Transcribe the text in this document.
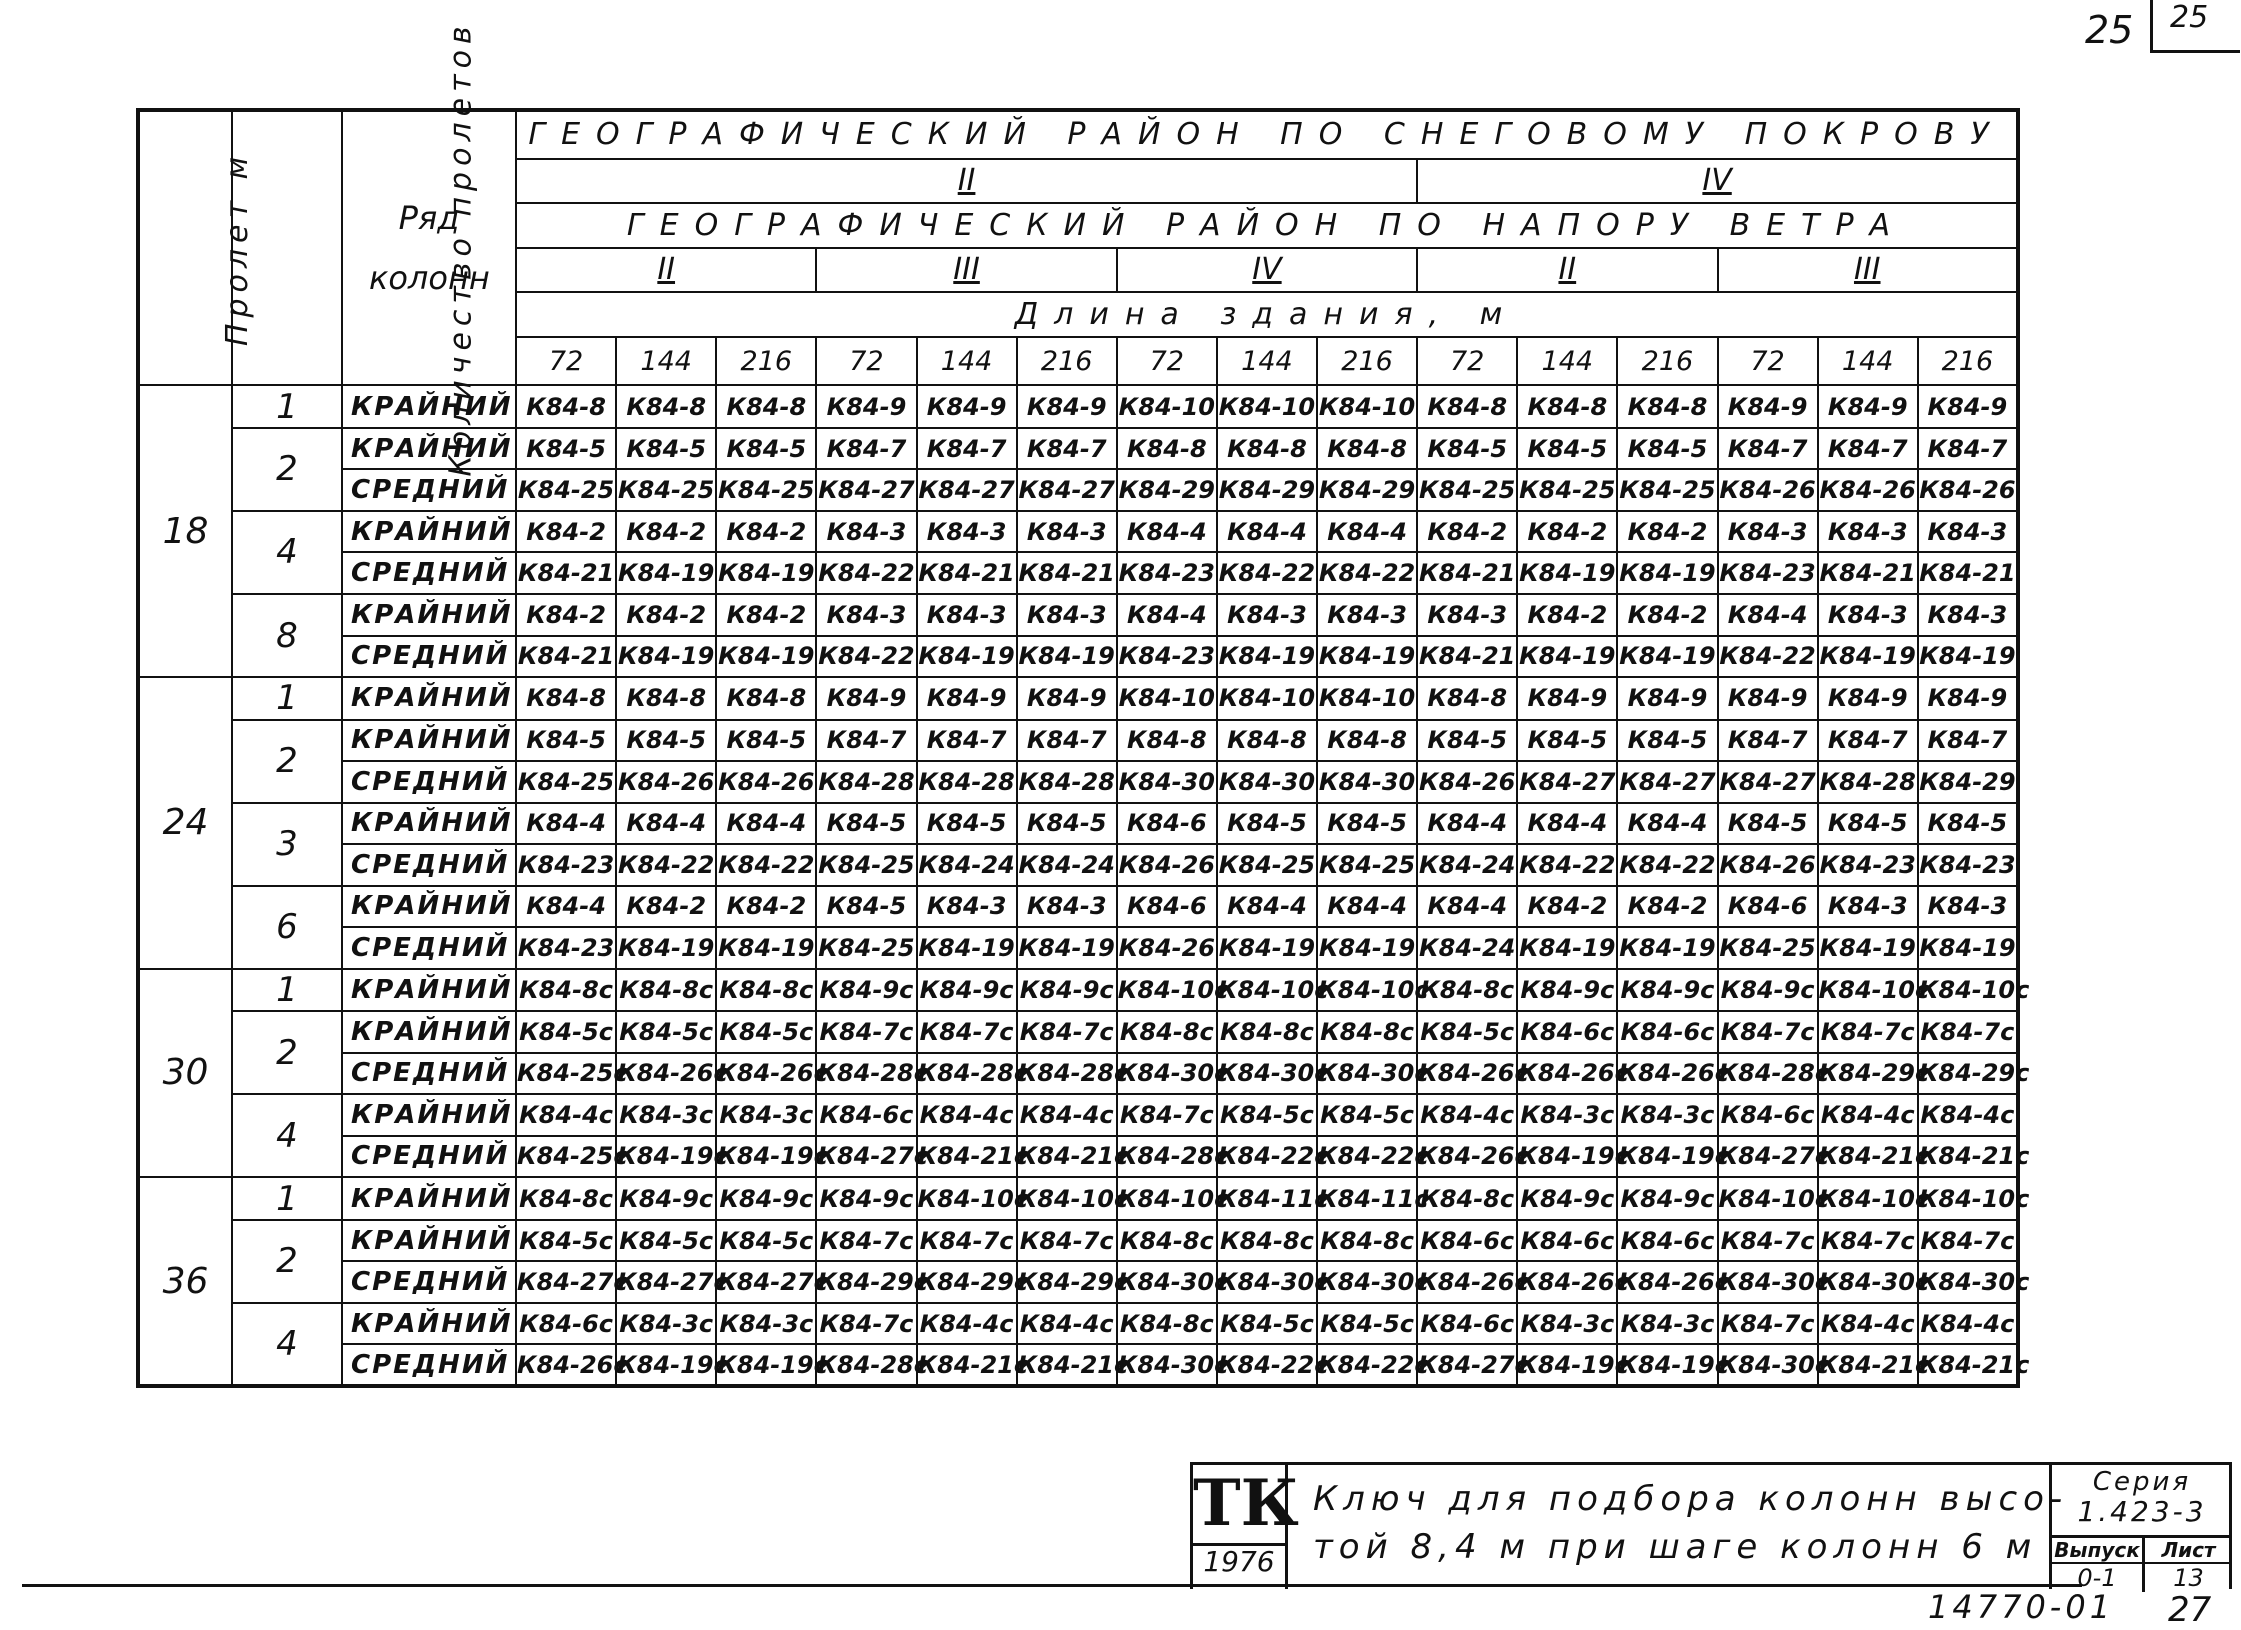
25 25
Пролет м	Количество пролетов	Ряд колонн	ГЕОГРАФИЧЕСКИЙ РАЙОН ПО СНЕГОВОМУ ПОКРОВУ														
			II									IV					
			ГЕОГРАФИЧЕСКИЙ РАЙОН ПО НАПОРУ ВЕТРА														
			II			III			IV			II			III		
			Длина здания, м														
			72	144	216	72	144	216	72	144	216	72	144	216	72	144	216
18	1	КРАЙНИЙ	К84-8	К84-8	К84-8	К84-9	К84-9	К84-9	К84-10	К84-10	К84-10	К84-8	К84-8	К84-8	К84-9	К84-9	К84-9
	2	КРАЙНИЙ	К84-5	К84-5	К84-5	К84-7	К84-7	К84-7	К84-8	К84-8	К84-8	К84-5	К84-5	К84-5	К84-7	К84-7	К84-7
		СРЕДНИЙ	К84-25	К84-25	К84-25	К84-27	К84-27	К84-27	К84-29	К84-29	К84-29	К84-25	К84-25	К84-25	К84-26	К84-26	К84-26
	4	КРАЙНИЙ	К84-2	К84-2	К84-2	К84-3	К84-3	К84-3	К84-4	К84-4	К84-4	К84-2	К84-2	К84-2	К84-3	К84-3	К84-3
		СРЕДНИЙ	К84-21	К84-19	К84-19	К84-22	К84-21	К84-21	К84-23	К84-22	К84-22	К84-21	К84-19	К84-19	К84-23	К84-21	К84-21
	8	КРАЙНИЙ	К84-2	К84-2	К84-2	К84-3	К84-3	К84-3	К84-4	К84-3	К84-3	К84-3	К84-2	К84-2	К84-4	К84-3	К84-3
		СРЕДНИЙ	К84-21	К84-19	К84-19	К84-22	К84-19	К84-19	К84-23	К84-19	К84-19	К84-21	К84-19	К84-19	К84-22	К84-19	К84-19
24	1	КРАЙНИЙ	К84-8	К84-8	К84-8	К84-9	К84-9	К84-9	К84-10	К84-10	К84-10	К84-8	К84-9	К84-9	К84-9	К84-9	К84-9
	2	КРАЙНИЙ	К84-5	К84-5	К84-5	К84-7	К84-7	К84-7	К84-8	К84-8	К84-8	К84-5	К84-5	К84-5	К84-7	К84-7	К84-7
		СРЕДНИЙ	К84-25	К84-26	К84-26	К84-28	К84-28	К84-28	К84-30	К84-30	К84-30	К84-26	К84-27	К84-27	К84-27	К84-28	К84-29
	3	КРАЙНИЙ	К84-4	К84-4	К84-4	К84-5	К84-5	К84-5	К84-6	К84-5	К84-5	К84-4	К84-4	К84-4	К84-5	К84-5	К84-5
		СРЕДНИЙ	К84-23	К84-22	К84-22	К84-25	К84-24	К84-24	К84-26	К84-25	К84-25	К84-24	К84-22	К84-22	К84-26	К84-23	К84-23
	6	КРАЙНИЙ	К84-4	К84-2	К84-2	К84-5	К84-3	К84-3	К84-6	К84-4	К84-4	К84-4	К84-2	К84-2	К84-6	К84-3	К84-3
		СРЕДНИЙ	К84-23	К84-19	К84-19	К84-25	К84-19	К84-19	К84-26	К84-19	К84-19	К84-24	К84-19	К84-19	К84-25	К84-19	К84-19
30	1	КРАЙНИЙ	К84-8с	К84-8с	К84-8с	К84-9с	К84-9с	К84-9с	К84-10с	К84-10с	К84-10с	К84-8с	К84-9с	К84-9с	К84-9с	К84-10с	К84-10с
	2	КРАЙНИЙ	К84-5с	К84-5с	К84-5с	К84-7с	К84-7с	К84-7с	К84-8с	К84-8с	К84-8с	К84-5с	К84-6с	К84-6с	К84-7с	К84-7с	К84-7с
		СРЕДНИЙ	К84-25с	К84-26с	К84-26с	К84-28с	К84-28с	К84-28с	К84-30с	К84-30с	К84-30с	К84-26с	К84-26с	К84-26с	К84-28с	К84-29с	К84-29с
	4	КРАЙНИЙ	К84-4с	К84-3с	К84-3с	К84-6с	К84-4с	К84-4с	К84-7с	К84-5с	К84-5с	К84-4с	К84-3с	К84-3с	К84-6с	К84-4с	К84-4с
		СРЕДНИЙ	К84-25с	К84-19с	К84-19с	К84-27с	К84-21с	К84-21с	К84-28с	К84-22с	К84-22с	К84-26с	К84-19с	К84-19с	К84-27с	К84-21с	К84-21с
36	1	КРАЙНИЙ	К84-8с	К84-9с	К84-9с	К84-9с	К84-10с	К84-10с	К84-10с	К84-11с	К84-11с	К84-8с	К84-9с	К84-9с	К84-10с	К84-10с	К84-10с
	2	КРАЙНИЙ	К84-5с	К84-5с	К84-5с	К84-7с	К84-7с	К84-7с	К84-8с	К84-8с	К84-8с	К84-6с	К84-6с	К84-6с	К84-7с	К84-7с	К84-7с
		СРЕДНИЙ	К84-27с	К84-27с	К84-27с	К84-29с	К84-29с	К84-29с	К84-30с	К84-30с	К84-30с	К84-26с	К84-26с	К84-26с	К84-30с	К84-30с	К84-30с
	4	КРАЙНИЙ	К84-6с	К84-3с	К84-3с	К84-7с	К84-4с	К84-4с	К84-8с	К84-5с	К84-5с	К84-6с	К84-3с	К84-3с	К84-7с	К84-4с	К84-4с
		СРЕДНИЙ	К84-26с	К84-19с	К84-19с	К84-28с	К84-21с	К84-21с	К84-30с	К84-22с	К84-22с	К84-27с	К84-19с	К84-19с	К84-30с	К84-21с	К84-21с
ТК
1976
Ключ для подбора колонн высо-
той 8,4 м при шаге колонн 6 м
Серия
1.423-3
Выпуск
0-1
Лист
13
14770-01 27
